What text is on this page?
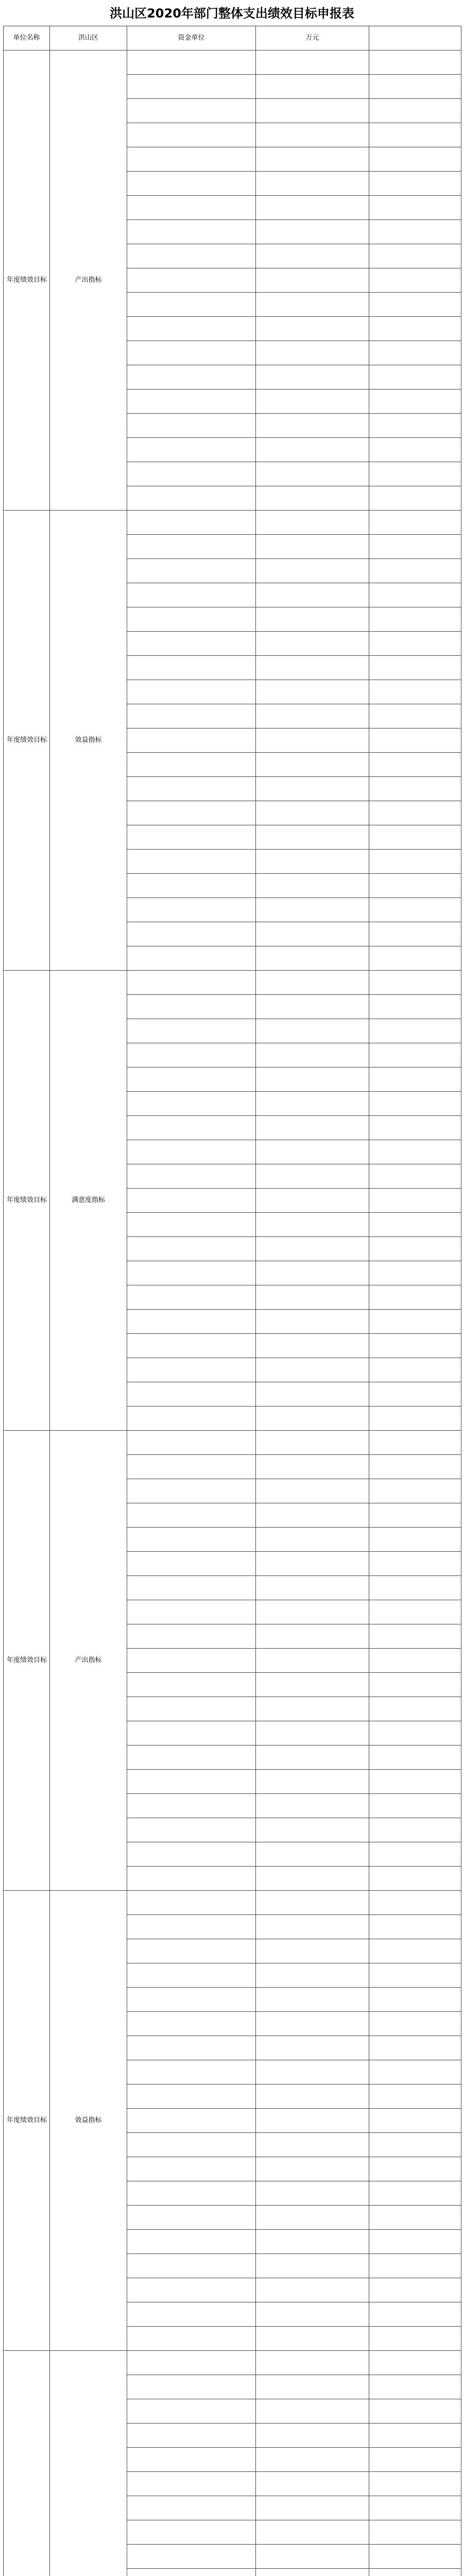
洪山区2020年部门整体支出绩效目标申报表
单位名称	洪山区	资金单位	万元	
年度绩效目标	产出指标			

年度绩效目标	效益指标			

年度绩效目标	满意度指标			

年度绩效目标	产出指标			

年度绩效目标	效益指标			
